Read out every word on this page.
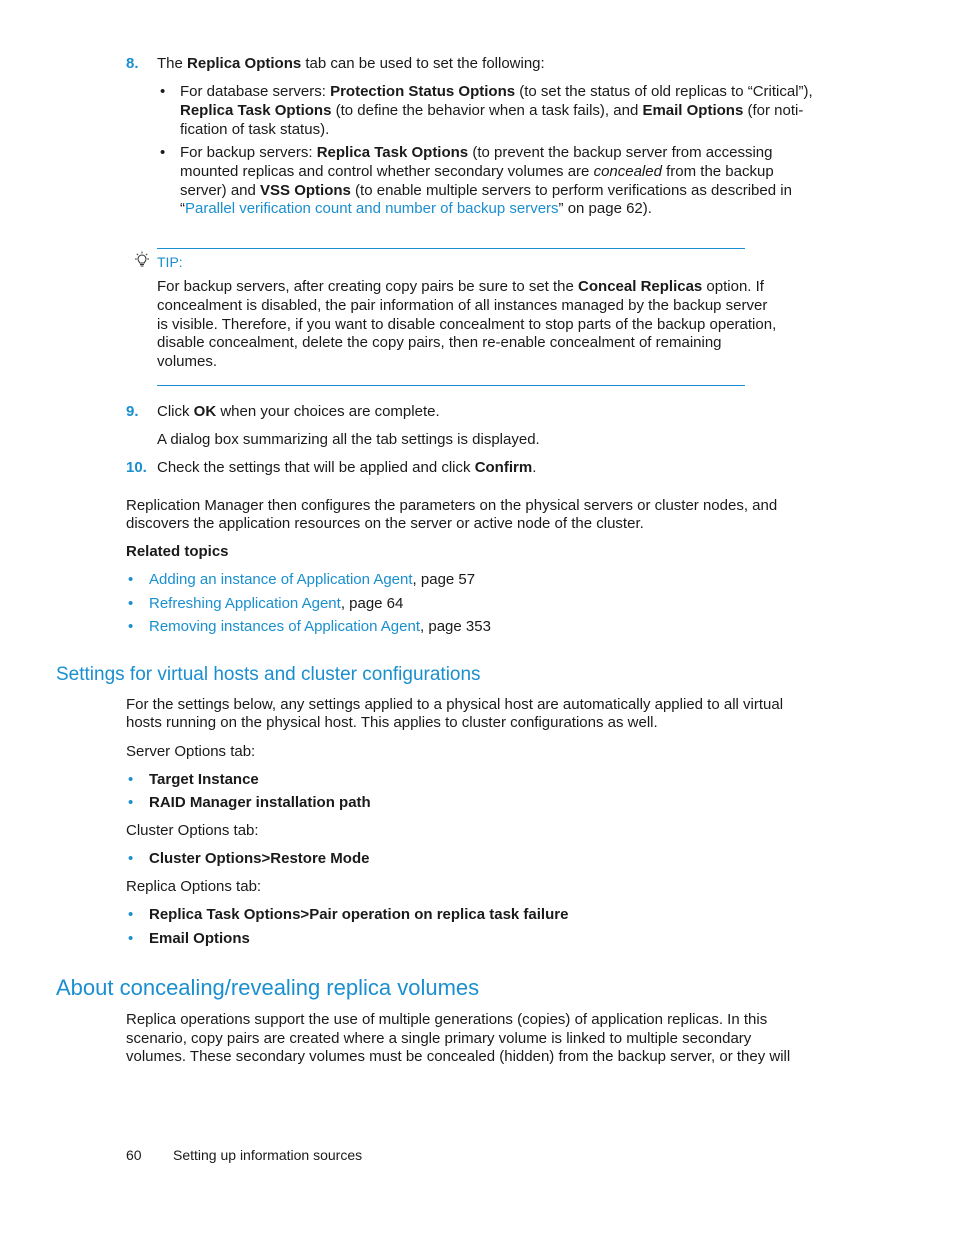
8. The Replica Options tab can be used to set the following:
• For database servers: Protection Status Options (to set the status of old replicas to “Critical”),
Replica Task Options (to define the behavior when a task fails), and Email Options (for noti-
fication of task status).
• For backup servers: Replica Task Options (to prevent the backup server from accessing
mounted replicas and control whether secondary volumes are concealed from the backup
server) and VSS Options (to enable multiple servers to perform verifications as described in
“Parallel verification count and number of backup servers” on page 62).
TIP:
For backup servers, after creating copy pairs be sure to set the Conceal Replicas option. If
concealment is disabled, the pair information of all instances managed by the backup server
is visible. Therefore, if you want to disable concealment to stop parts of the backup operation,
disable concealment, delete the copy pairs, then re-enable concealment of remaining
volumes.
9. Click OK when your choices are complete.
A dialog box summarizing all the tab settings is displayed.
10. Check the settings that will be applied and click Confirm.
Replication Manager then configures the parameters on the physical servers or cluster nodes, and
discovers the application resources on the server or active node of the cluster.
Related topics
• Adding an instance of Application Agent, page 57
• Refreshing Application Agent, page 64
• Removing instances of Application Agent, page 353
Settings for virtual hosts and cluster configurations
For the settings below, any settings applied to a physical host are automatically applied to all virtual
hosts running on the physical host. This applies to cluster configurations as well.
Server Options tab:
• Target Instance
• RAID Manager installation path
Cluster Options tab:
• Cluster Options>Restore Mode
Replica Options tab:
• Replica Task Options>Pair operation on replica task failure
• Email Options
About concealing/revealing replica volumes
Replica operations support the use of multiple generations (copies) of application replicas. In this
scenario, copy pairs are created where a single primary volume is linked to multiple secondary
volumes. These secondary volumes must be concealed (hidden) from the backup server, or they will
60 Setting up information sources
